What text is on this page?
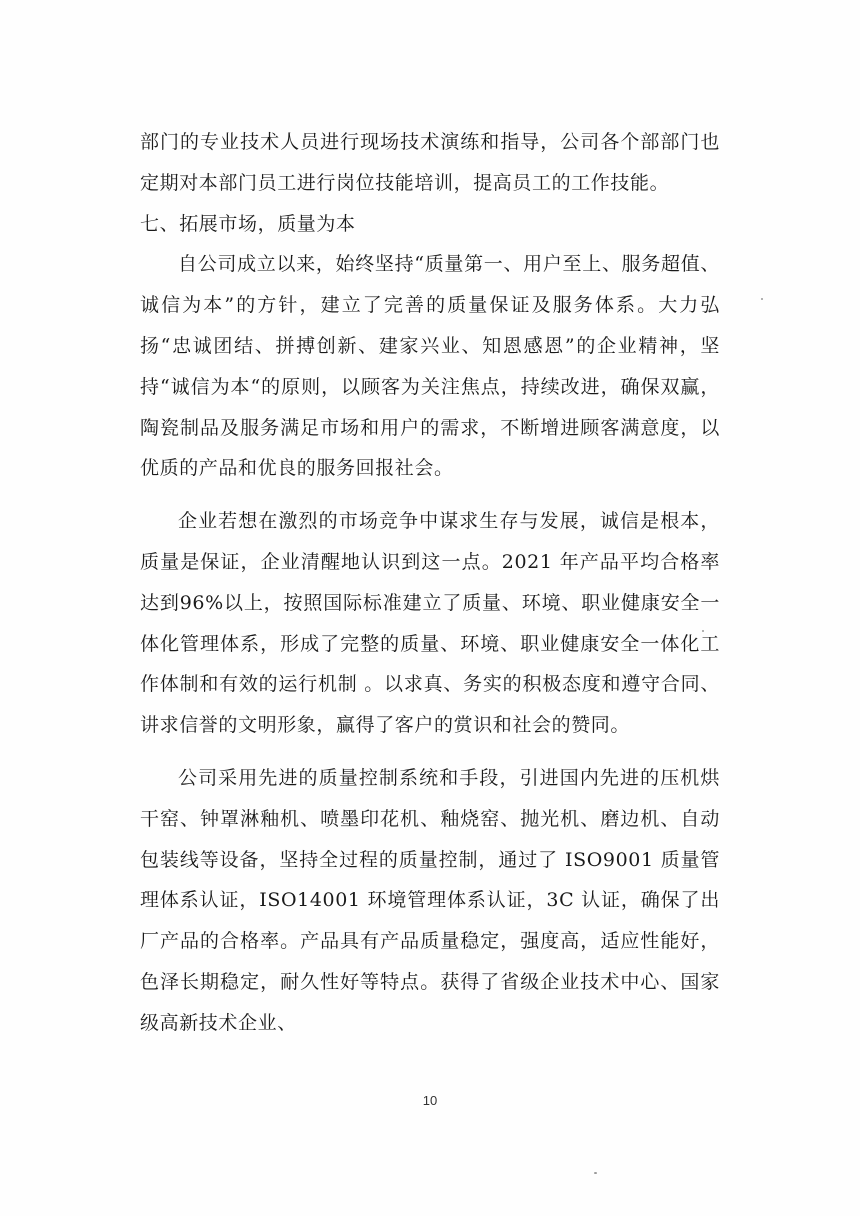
部门的专业技术人员进行现场技术演练和指导，公司各个部部门也定期对本部门员工进行岗位技能培训，提高员工的工作技能。

七、拓展市场，质量为本

自公司成立以来，始终坚持“质量第一、用户至上、服务超值、诚信为本”的方针，建立了完善的质量保证及服务体系。大力弘扬“忠诚团结、拼搏创新、建家兴业、知恩感恩”的企业精神，坚持“诚信为本“的原则，以顾客为关注焦点，持续改进，确保双赢，陶瓷制品及服务满足市场和用户的需求，不断增进顾客满意度，以优质的产品和优良的服务回报社会。

企业若想在激烈的市场竞争中谋求生存与发展，诚信是根本，质量是保证，企业清醒地认识到这一点。2021 年产品平均合格率达到96%以上，按照国际标准建立了质量、环境、职业健康安全一体化管理体系，形成了完整的质量、环境、职业健康安全一体化工作体制和有效的运行机制 。以求真、务实的积极态度和遵守合同、讲求信誉的文明形象，赢得了客户的赏识和社会的赞同。

公司采用先进的质量控制系统和手段，引进国内先进的压机烘干窑、钟罩淋釉机、喷墨印花机、釉烧窑、抛光机、磨边机、自动包装线等设备，坚持全过程的质量控制，通过了 ISO9001 质量管理体系认证，ISO14001 环境管理体系认证，3C 认证，确保了出厂产品的合格率。产品具有产品质量稳定，强度高，适应性能好，色泽长期稳定，耐久性好等特点。获得了省级企业技术中心、国家级高新技术企业、

10
